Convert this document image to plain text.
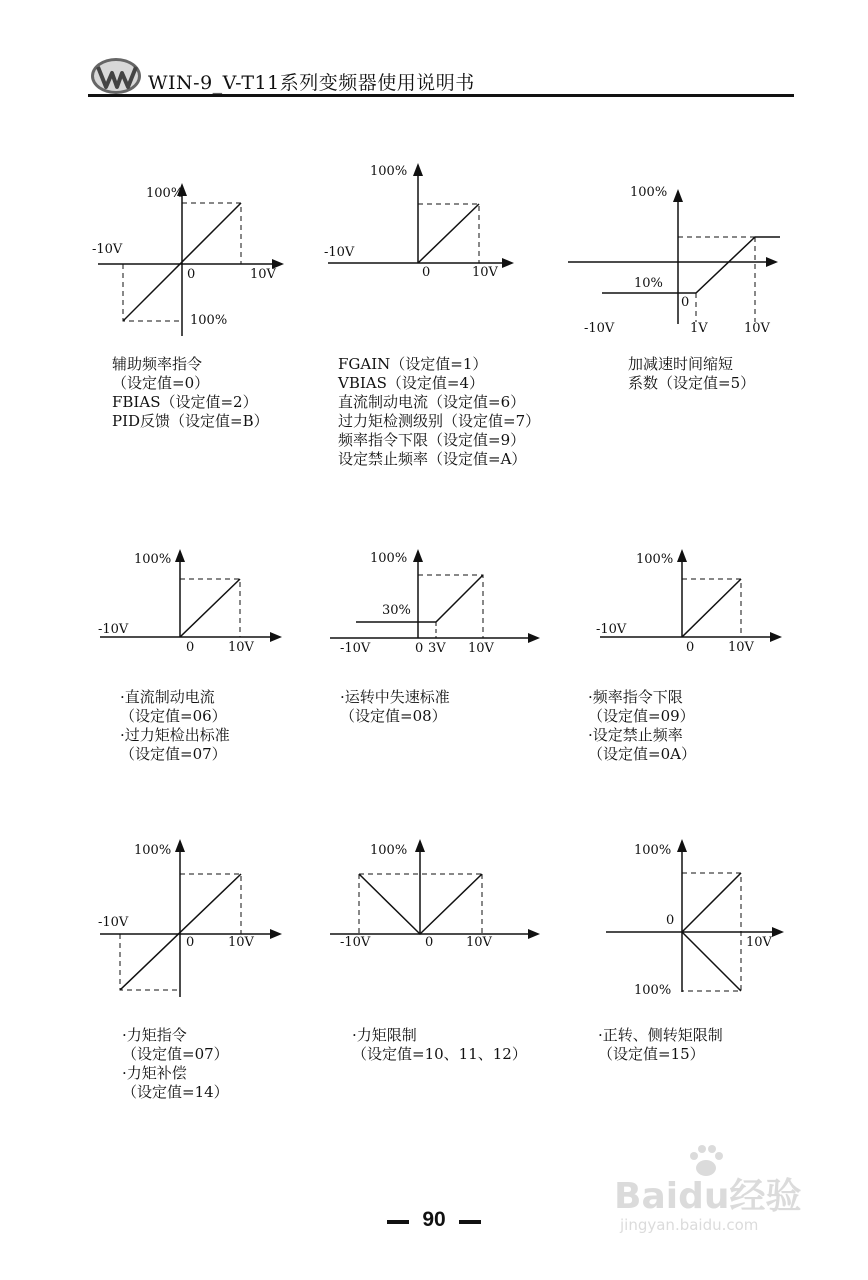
WIN-9_V-T11系列变频器使用说明书
100%
-10V
0	10V
100%
辅助频率指令
（设定值=0）
FBIAS（设定值=2）
PID反馈（设定值=B）
100%
-10V
0	10V
FGAIN（设定值=1）
VBIAS（设定值=4）
直流制动电流（设定值=6）
过力矩检测级别（设定值=7）
频率指令下限（设定值=9）
设定禁止频率（设定值=A）
100%
10%
0
-10V	1V	10V
加减速时间缩短
系数（设定值=5）
100%
-10V
0	10V
·直流制动电流
（设定值=06）
·过力矩检出标准
（设定值=07）
100%
30%
-10V	0 3V 10V
·运转中失速标准
（设定值=08）
100%
-10V
0	10V
·频率指令下限
（设定值=09）
·设定禁止频率
（设定值=0A）
100%
-10V
0	10V
·力矩指令
（设定值=07）
·力矩补偿
（设定值=14）
100%
-10V	0	10V
·力矩限制
（设定值=10、11、12）
100%
0
10V
100%
·正转、侧转矩限制
（设定值=15）
Baidu经验
jingyan.baidu.com
90
